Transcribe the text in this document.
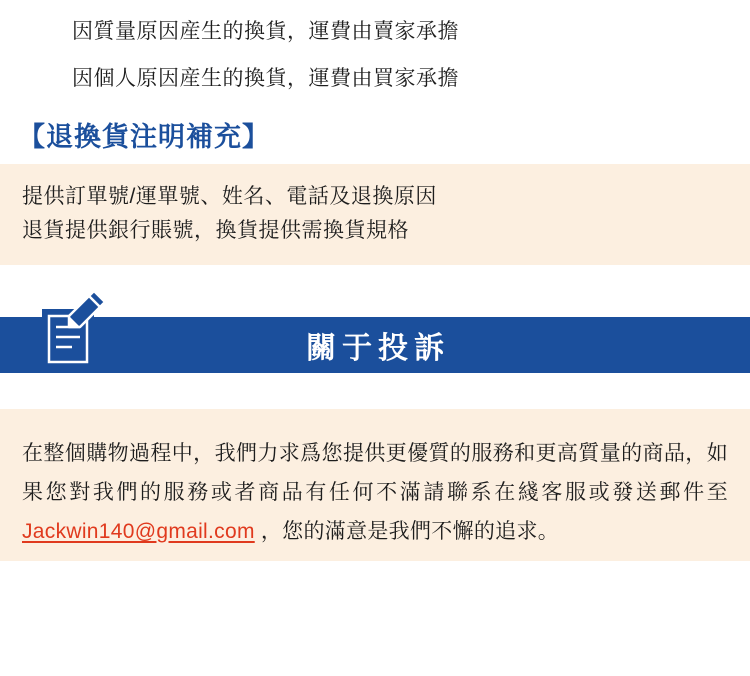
因質量原因産生的換貨，運費由賣家承擔

因個人原因産生的換貨，運費由買家承擔

【退換貨注明補充】
提供訂單號/運單號、姓名、電話及退換原因
退貨提供銀行賬號，換貨提供需換貨規格
關于投訴
在整個購物過程中，我們力求爲您提供更優質的服務和更高質量的商品，如果您對我們的服務或者商品有任何不滿請聯系在綫客服或發送郵件至 Jackwin140@gmail.com ，您的滿意是我們不懈的追求。
